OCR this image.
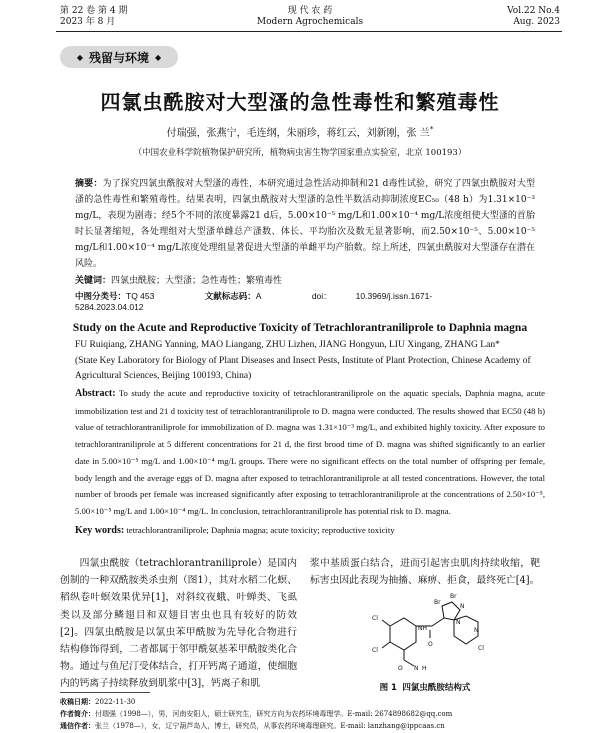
第 22 卷 第 4 期
2023 年 8 月
现 代 农 药
Modern Agrochemicals
Vol.22 No.4
Aug. 2023
◆ 残留与环境 ◆
四氯虫酰胺对大型溞的急性毒性和繁殖毒性
付瑞强，张燕宁，毛连纲，朱丽珍，蒋红云，刘新刚，张 兰*
（中国农业科学院植物保护研究所，植物病虫害生物学国家重点实验室，北京 100193）
摘要：为了探究四氯虫酰胺对大型溞的毒性，本研究通过急性活动抑制和21 d毒性试验，研究了四氯虫酰胺对大型溞的急性毒性和繁殖毒性。结果表明，四氯虫酰胺对大型溞的急性半数活动抑制浓度EC₅₀（48 h）为1.31×10⁻³ mg/L，表现为剧毒；经5个不同的浓度暴露21 d后，5.00×10⁻⁵ mg/L和1.00×10⁻⁴ mg/L浓度组使大型溞的首胎时长显著缩短，各处理组对大型溞单雌总产溞数、体长、平均胎次及数无显著影响，而2.50×10⁻⁵、5.00×10⁻⁵ mg/L和1.00×10⁻⁴ mg/L浓度处理组显著促进大型溞的单雌平均产胎数。综上所述，四氯虫酰胺对大型溞存在潜在风险。
关键词：四氯虫酰胺；大型溞；急性毒性；繁殖毒性
中图分类号：TQ 453	文献标志码：A	doi：	10.3969/j.issn.1671-5284.2023.04.012
Study on the Acute and Reproductive Toxicity of Tetrachlorantraniliprole to Daphnia magna
FU Ruiqiang, ZHANG Yanning, MAO Liangang, ZHU Lizhen, JIANG Hongyun, LIU Xingang, ZHANG Lan*
(State Key Laboratory for Biology of Plant Diseases and Insect Pests, Institute of Plant Protection, Chinese Academy of Agricultural Sciences, Beijing 100193, China)
Abstract: To study the acute and reproductive toxicity of tetrachlorantraniliprole on the aquatic specials, Daphnia magna, acute immobilization test and 21 d toxicity test of tetrachlorantraniliprole to D. magna were conducted. The results showed that EC50 (48 h) value of tetrachlorantraniliprole for immobilization of D. magna was 1.31×10⁻³ mg/L, and exhibited highly toxicity. After exposure to tetrachlorantraniliprole at 5 different concentrations for 21 d, the first brood time of D. magna was shifted significantly to an earlier date in 5.00×10⁻⁵ mg/L and 1.00×10⁻⁴ mg/L groups. There were no significant effects on the total number of offspring per female, body length and the average eggs of D. magna after exposed to tetrachlorantraniliprole at all tested concentrations. However, the total number of broods per female was increased significantly after exposing to tetrachlorantraniliprole at the concentrations of 2.50×10⁻⁵, 5.00×10⁻⁵ mg/L and 1.00×10⁻⁴ mg/L. In conclusion, tetrachlorantraniliprole has potential risk to D. magna.
Key words: tetrachlorantraniliprole; Daphnia magna; acute toxicity; reproductive toxicity
四氯虫酰胺（tetrachlorantraniliprole）是国内创制的一种双酰胺类杀虫剂（图1），其对水稻二化螟、稻纵卷叶螟效果优异[1]，对斜纹夜蛾、叶蝉类、飞虱类以及部分鳞翅目和双翅目害虫也具有较好的防效[2]。四氯虫酰胺是以氯虫苯甲酰胺为先导化合物进行结构修饰得到，二者都属于邻甲酰氨基苯甲酰胺类化合物。通过与鱼尼汀受体结合，打开钙离子通道，使细胞内的钙离子持续释放到肌浆中[3]，钙离子和肌
浆中基质蛋白结合，进而引起害虫肌肉持续收缩，靶标害虫因此表现为抽搐、麻痹、拒食，最终死亡[4]。
Br
Cl
Cl
Br
N
N
N
O
O
NH
Cl
N H
图 1 四氯虫酰胺结构式
收稿日期：2022-11-30
作者简介：付瑞强（1998—），男，河南安阳人，硕士研究生，研究方向为农药环境毒理学。E-mail: 2674898682@qq.com
通信作者：张兰（1978—），女，辽宁葫芦岛人，博士，研究员，从事农药环境毒理研究。E-mail: lanzhang@ippcaas.cn
